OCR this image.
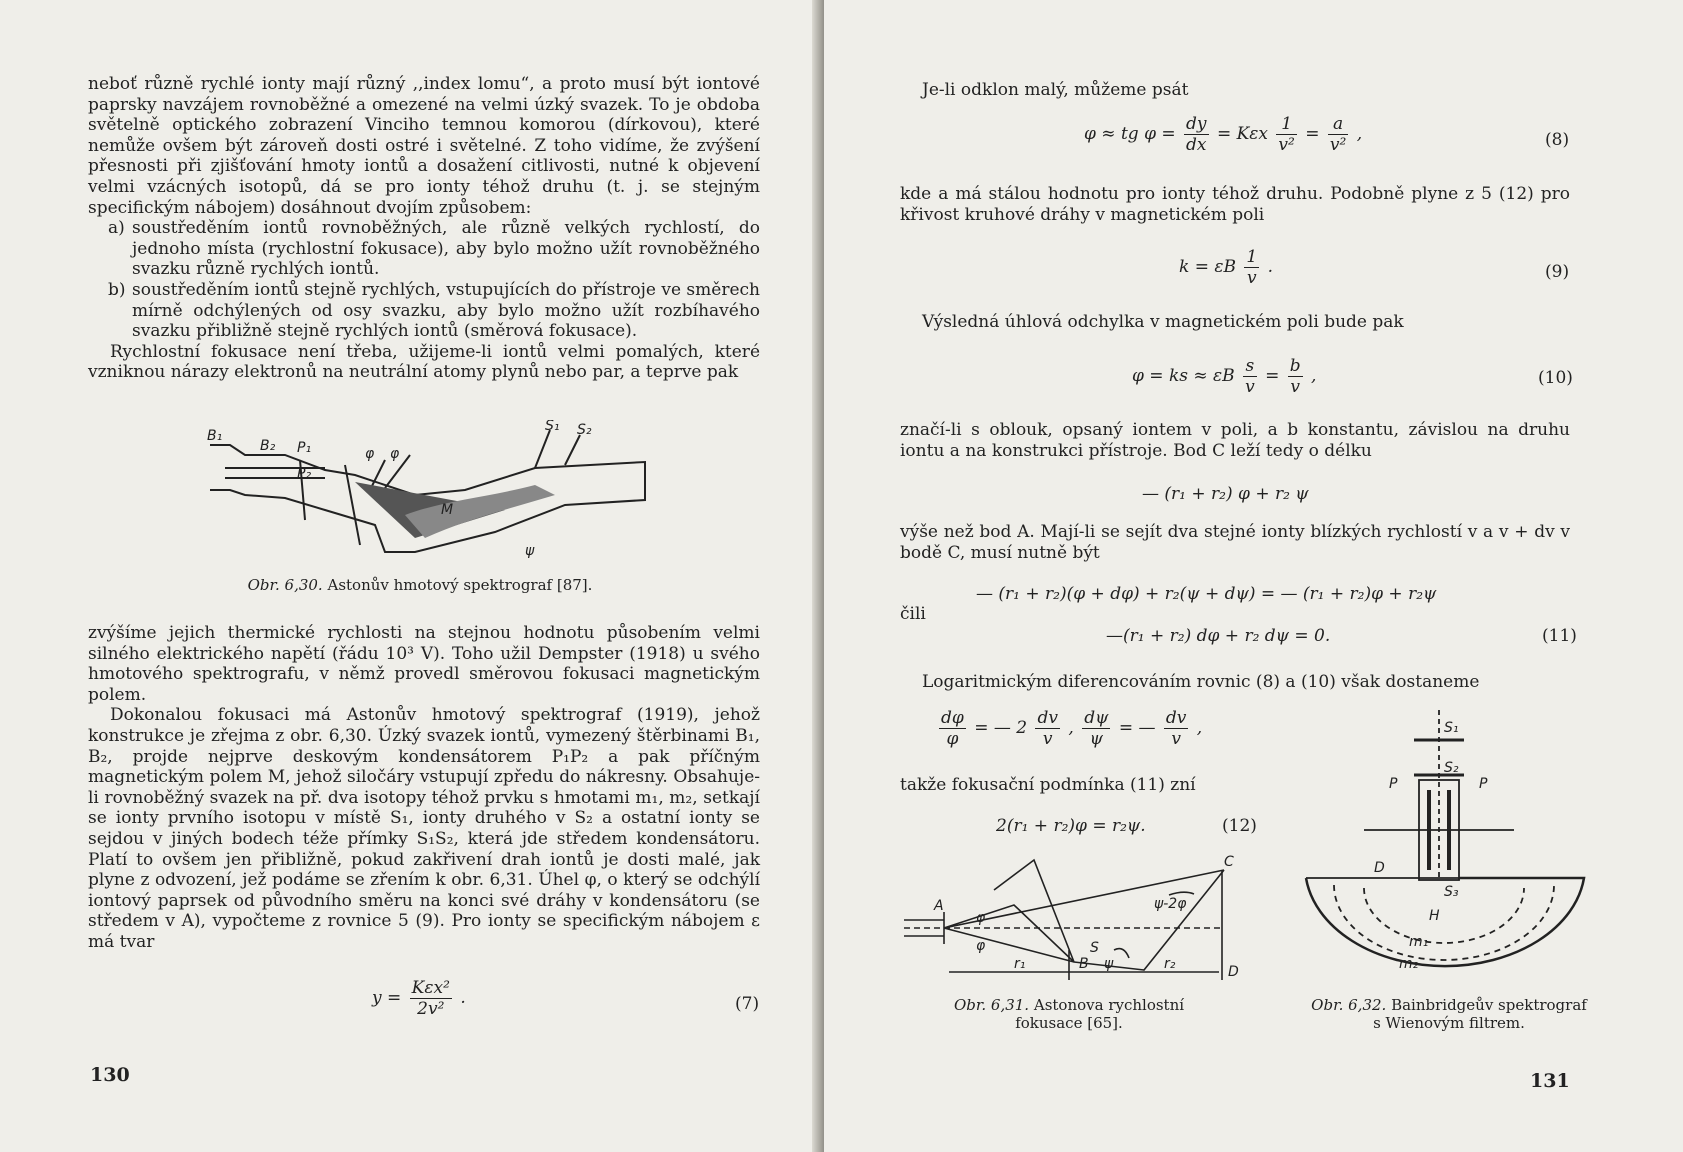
neboť různě rychlé ionty mají různý ,,index lomu“, a proto musí být iontové paprsky navzájem rovnoběžné a omezené na velmi úzký svazek. To je obdoba světelně optického zobrazení Vinciho temnou komorou (dírkovou), které nemůže ovšem být zároveň dosti ostré i světelné. Z toho vidíme, že zvýšení přesnosti při zjišťování hmoty iontů a dosažení citlivosti, nutné k objevení velmi vzácných isotopů, dá se pro ionty téhož druhu (t. j. se stejným specifickým nábojem) dosáhnout dvojím způsobem:

a) soustředěním iontů rovnoběžných, ale různě velkých rychlostí, do jednoho místa (rychlostní fokusace), aby bylo možno užít rovnoběžného svazku různě rychlých iontů.

b) soustředěním iontů stejně rychlých, vstupujících do přístroje ve směrech mírně odchýlených od osy svazku, aby bylo možno užít rozbíhavého svazku přibližně stejně rychlých iontů (směrová fokusace).

Rychlostní fokusace není třeba, užijeme-li iontů velmi pomalých, které vzniknou nárazy elektronů na neutrální atomy plynů nebo par, a teprve pak

B₁
B₂ P₁
P₂
φ φ
M
S₁ S₂
ψ
Obr. 6,30. Astonův hmotový spektrograf [87].

zvýšíme jejich thermické rychlosti na stejnou hodnotu působením velmi silného elektrického napětí (řádu 10³ V). Toho užil Dempster (1918) u svého hmotového spektrografu, v němž provedl směrovou fokusaci magnetickým polem.

Dokonalou fokusaci má Astonův hmotový spektrograf (1919), jehož konstrukce je zřejma z obr. 6,30. Úzký svazek iontů, vymezený štěrbinami B₁, B₂, projde nejprve deskovým kondensátorem P₁P₂ a pak příčným magnetickým polem M, jehož siločáry vstupují zpředu do nákresny. Obsahuje-li rovnoběžný svazek na př. dva isotopy téhož prvku s hmotami m₁, m₂, setkají se ionty prvního isotopu v místě S₁, ionty druhého v S₂ a ostatní ionty se sejdou v jiných bodech téže přímky S₁S₂, která jde středem kondensátoru. Platí to ovšem jen přibližně, pokud zakřivení drah iontů je dosti malé, jak plyne z odvození, jež podáme se zřením k obr. 6,31. Úhel φ, o který se odchýlí iontový paprsek od původního směru na konci své dráhy v kondensátoru (se středem v A), vypočteme z rovnice 5 (9). Pro ionty se specifickým nábojem ε má tvar

$y = \frac{\text{Kεx²}}{\text{2v²}}$ .	(7)
130

Je-li odklon malý, můžeme psát

φ ≈ tg $\varphi = \frac{dy}{dx} = K\varepsilon x \frac{1}{\text{v²}} = \frac{a}{\text{v²}}$ ,	(8)

kde a má stálou hodnotu pro ionty téhož druhu. Podobně plyne z 5 (12) pro křivost kruhové dráhy v magnetickém poli

k = εB $\frac{1}{v}$ .	(9)

Výsledná úhlová odchylka v magnetickém poli bude pak

φ = ks ≈ εB $\frac{s}{v} = \frac{b}{v}$ ,	(10)

značí-li s oblouk, opsaný iontem v poli, a b konstantu, závislou na druhu iontu a na konstrukci přístroje. Bod C leží tedy o délku

— (r₁ + r₂) φ + r₂ ψ

výše než bod A. Mají-li se sejít dva stejné ionty blízkých rychlostí v a v + dv v bodě C, musí nutně být

— (r₁ + r₂)(φ + dφ) + r₂(ψ + dψ) = — (r₁ + r₂)φ + r₂ψ
čili
—(r₁ + r₂) dφ + r₂ dψ = 0.	(11)

Logaritmickým diferencováním rovnic (8) a (10) však dostaneme

$\frac{d\varphi}{\varphi}$ = — $2 \frac{dv}{v}$ , $\frac{d\psi}{\psi}$ = — $\frac{dv}{v}$ ,

takže fokusační podmínka (11) zní

2(r₁ + r₂)φ = r₂ψ.	(12)
A
φ
φ	S
ψ
ψ-2φ
C
D
B
r₁	r₂
Obr. 6,31. Astonova rychlostní
fokusace [65].
S₁
S₂
S₃
P	P
D
H
m₁
m₂
Obr. 6,32. Bainbridgeův spektrograf
s Wienovým filtrem.
131
